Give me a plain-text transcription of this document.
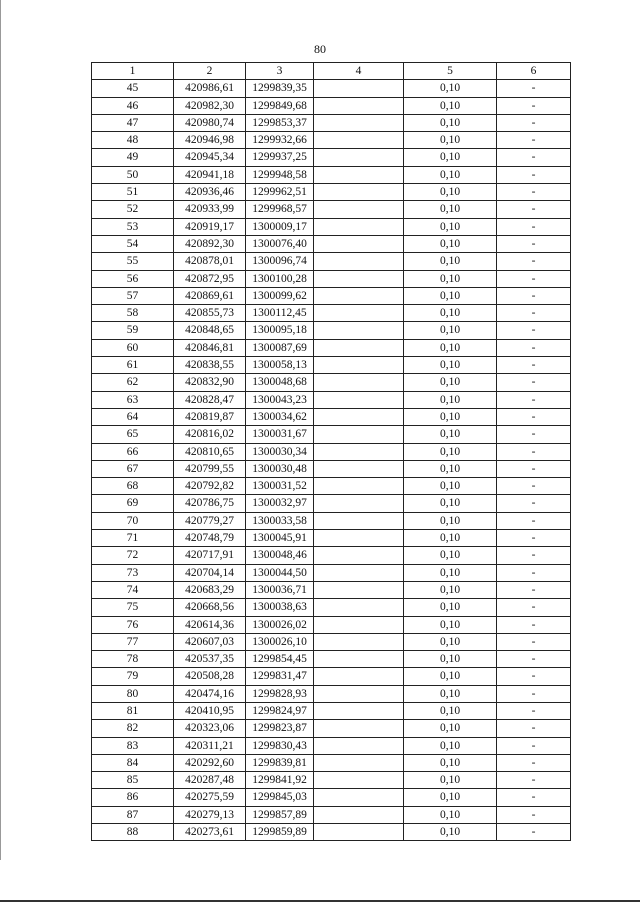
80
1	2	3	4	5	6
45	420986,61	1299839,35		0,10	-
46	420982,30	1299849,68		0,10	-
47	420980,74	1299853,37		0,10	-
48	420946,98	1299932,66		0,10	-
49	420945,34	1299937,25		0,10	-
50	420941,18	1299948,58		0,10	-
51	420936,46	1299962,51		0,10	-
52	420933,99	1299968,57		0,10	-
53	420919,17	1300009,17		0,10	-
54	420892,30	1300076,40		0,10	-
55	420878,01	1300096,74		0,10	-
56	420872,95	1300100,28		0,10	-
57	420869,61	1300099,62		0,10	-
58	420855,73	1300112,45		0,10	-
59	420848,65	1300095,18		0,10	-
60	420846,81	1300087,69		0,10	-
61	420838,55	1300058,13		0,10	-
62	420832,90	1300048,68		0,10	-
63	420828,47	1300043,23		0,10	-
64	420819,87	1300034,62		0,10	-
65	420816,02	1300031,67		0,10	-
66	420810,65	1300030,34		0,10	-
67	420799,55	1300030,48		0,10	-
68	420792,82	1300031,52		0,10	-
69	420786,75	1300032,97		0,10	-
70	420779,27	1300033,58		0,10	-
71	420748,79	1300045,91		0,10	-
72	420717,91	1300048,46		0,10	-
73	420704,14	1300044,50		0,10	-
74	420683,29	1300036,71		0,10	-
75	420668,56	1300038,63		0,10	-
76	420614,36	1300026,02		0,10	-
77	420607,03	1300026,10		0,10	-
78	420537,35	1299854,45		0,10	-
79	420508,28	1299831,47		0,10	-
80	420474,16	1299828,93		0,10	-
81	420410,95	1299824,97		0,10	-
82	420323,06	1299823,87		0,10	-
83	420311,21	1299830,43		0,10	-
84	420292,60	1299839,81		0,10	-
85	420287,48	1299841,92		0,10	-
86	420275,59	1299845,03		0,10	-
87	420279,13	1299857,89		0,10	-
88	420273,61	1299859,89		0,10	-
